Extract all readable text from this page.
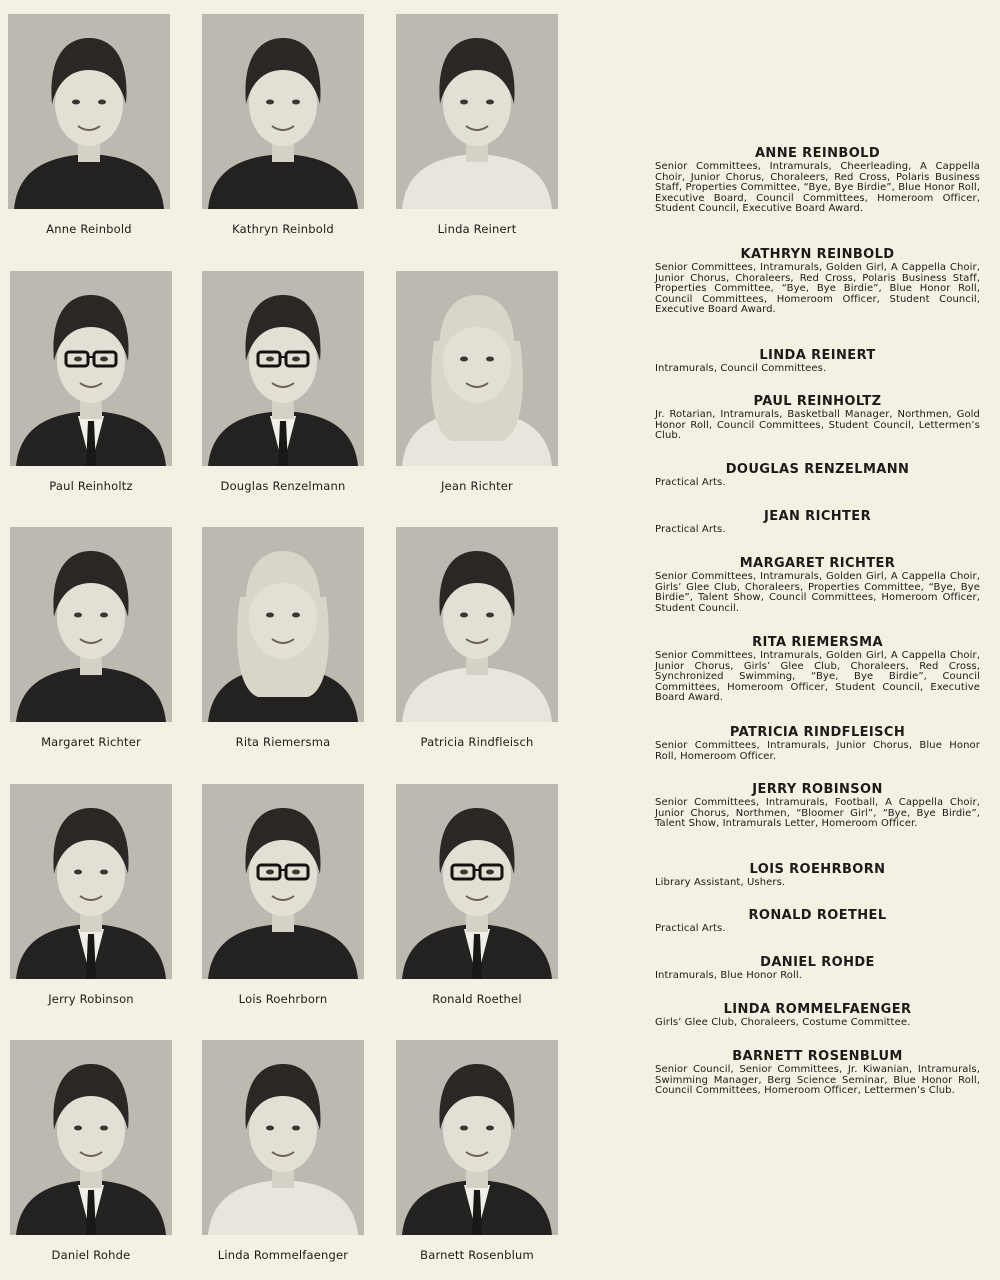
Anne Reinbold	Kathryn Reinbold	Linda Reinert
Paul Reinholtz	Douglas Renzelmann	Jean Richter
Margaret Richter	Rita Riemersma	Patricia Rindfleisch
Jerry Robinson	Lois Roehrborn	Ronald Roethel
Daniel Rohde	Linda Rommelfaenger	Barnett Rosenblum
ANNE REINBOLD
Senior Committees, Intramurals, Cheerleading, A Cappella Choir, Junior Chorus, Choraleers, Red Cross, Polaris Business Staff, Properties Committee, “Bye, Bye Birdie”, Blue Honor Roll, Executive Board, Council Committees, Homeroom Officer, Student Council, Executive Board Award.
KATHRYN REINBOLD
Senior Committees, Intramurals, Golden Girl, A Cappella Choir, Junior Chorus, Choraleers, Red Cross, Polaris Business Staff, Properties Committee, “Bye, Bye Birdie”, Blue Honor Roll, Council Committees, Homeroom Officer, Student Council, Executive Board Award.
LINDA REINERT
Intramurals, Council Committees.
PAUL REINHOLTZ
Jr. Rotarian, Intramurals, Basketball Manager, Northmen, Gold Honor Roll, Council Committees, Student Council, Lettermen’s Club.
DOUGLAS RENZELMANN
Practical Arts.
JEAN RICHTER
Practical Arts.
MARGARET RICHTER
Senior Committees, Intramurals, Golden Girl, A Cappella Choir, Girls’ Glee Club, Choraleers, Properties Committee, “Bye, Bye Birdie”, Talent Show, Council Committees, Homeroom Officer, Student Council.
RITA RIEMERSMA
Senior Committees, Intramurals, Golden Girl, A Cappella Choir, Junior Chorus, Girls’ Glee Club, Choraleers, Red Cross, Synchronized Swimming, “Bye, Bye Birdie”, Council Committees, Homeroom Officer, Student Council, Executive Board Award.
PATRICIA RINDFLEISCH
Senior Committees, Intramurals, Junior Chorus, Blue Honor Roll, Homeroom Officer.
JERRY ROBINSON
Senior Committees, Intramurals, Football, A Cappella Choir, Junior Chorus, Northmen, “Bloomer Girl”, “Bye, Bye Birdie”, Talent Show, Intramurals Letter, Homeroom Officer.
LOIS ROEHRBORN
Library Assistant, Ushers.
RONALD ROETHEL
Practical Arts.
DANIEL ROHDE
Intramurals, Blue Honor Roll.
LINDA ROMMELFAENGER
Girls’ Glee Club, Choraleers, Costume Committee.
BARNETT ROSENBLUM
Senior Council, Senior Committees, Jr. Kiwanian, Intramurals, Swimming Manager, Berg Science Seminar, Blue Honor Roll, Council Committees, Homeroom Officer, Lettermen’s Club.
